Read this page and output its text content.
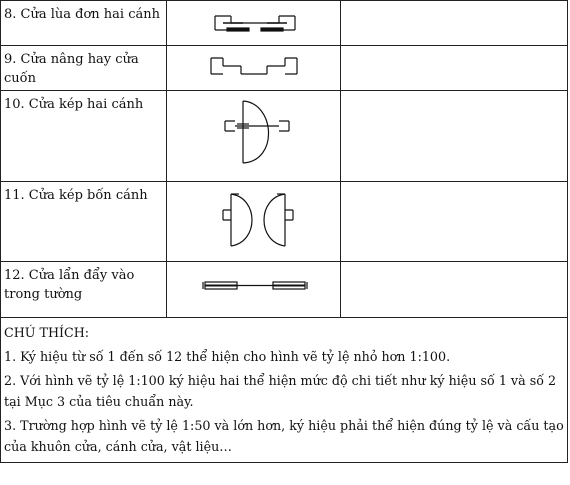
8. Cửa lùa đơn hai cánh	

9. Cửa nâng hay cửa cuốn	

10. Cửa kép hai cánh	

11. Cửa kép bốn cánh	

12. Cửa lẩn đẩy vào trong tường	

CHÚ THÍCH:

1. Ký hiệu từ số 1 đến số 12 thể hiện cho hình vẽ tỷ lệ nhỏ hơn 1:100.

2. Với hình vẽ tỷ lệ 1:100 ký hiệu hai thể hiện mức độ chi tiết như ký hiệu số 1 và số 2 tại Mục 3 của tiêu chuẩn này.

3. Trường hợp hình vẽ tỷ lệ 1:50 và lớn hơn, ký hiệu phải thể hiện đúng tỷ lệ và cấu tạo của khuôn cửa, cánh cửa, vật liệu…		
